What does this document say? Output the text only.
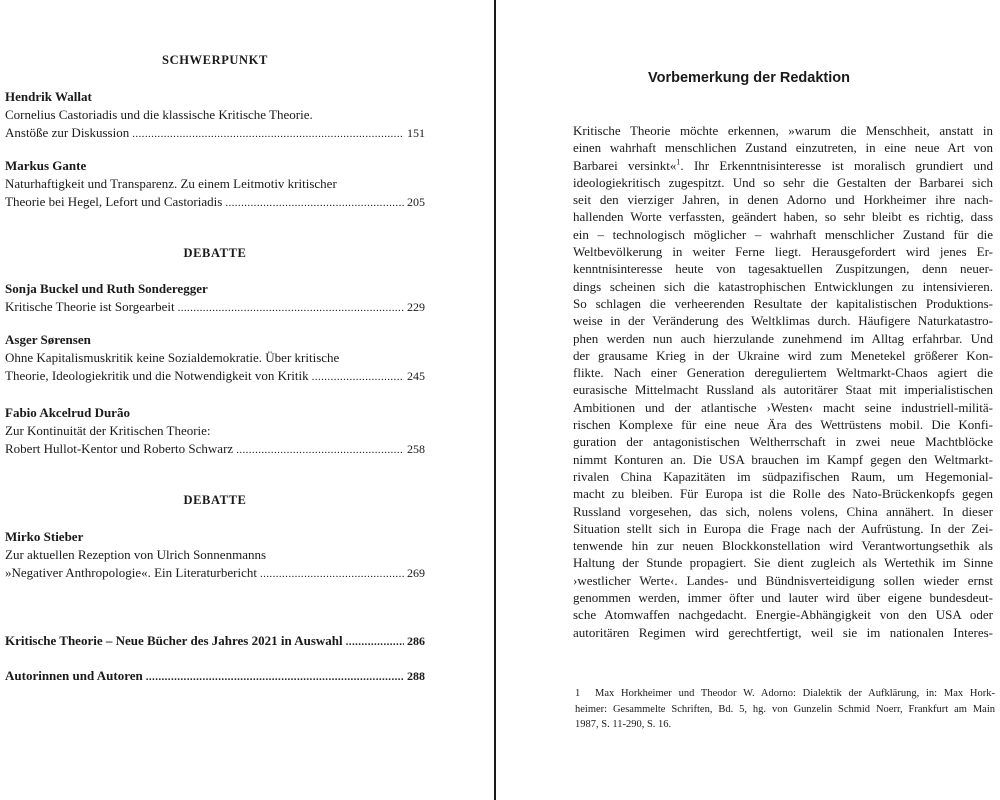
SCHWERPUNKT

Hendrik Wallat

Cornelius Castoriadis und die klassische Kritische Theorie.

Anstöße zur Diskussion .....	151

Markus Gante

Naturhaftigkeit und Transparenz. Zu einem Leitmotiv kritischer

Theorie bei Hegel, Lefort und Castoriadis .....	205

DEBATTE

Sonja Buckel und Ruth Sonderegger

Kritische Theorie ist Sorgearbeit .....	229

Asger Sørensen

Ohne Kapitalismuskritik keine Sozialdemokratie. Über kritische

Theorie, Ideologiekritik und die Notwendigkeit von Kritik .....	245

Fabio Akcelrud Durão

Zur Kontinuität der Kritischen Theorie:

Robert Hullot-Kentor und Roberto Schwarz .....	258

DEBATTE

Mirko Stieber

Zur aktuellen Rezeption von Ulrich Sonnenmanns

»Negativer Anthropologie«. Ein Literaturbericht .....	269

Kritische Theorie – Neue Bücher des Jahres 2021 in Auswahl .....	286

Autorinnen und Autoren .....	288

Vorbemerkung der Redaktion

Kritische Theorie möchte erkennen, »warum die Menschheit, anstatt in

einen wahrhaft menschlichen Zustand einzutreten, in eine neue Art von

Barbarei versinkt«$^1$. Ihr Erkenntnisinteresse ist moralisch grundiert und

ideologiekritisch zugespitzt. Und so sehr die Gestalten der Barbarei sich

seit den vierziger Jahren, in denen Adorno und Horkheimer ihre nach-

hallenden Worte verfassten, geändert haben, so sehr bleibt es richtig, dass

ein – technologisch möglicher – wahrhaft menschlicher Zustand für die

Weltbevölkerung in weiter Ferne liegt. Herausgefordert wird jenes Er-

kenntnisinteresse heute von tagesaktuellen Zuspitzungen, denn neuer-

dings scheinen sich die katastrophischen Entwicklungen zu intensivieren.

So schlagen die verheerenden Resultate der kapitalistischen Produktions-

weise in der Veränderung des Weltklimas durch. Häufigere Naturkatastro-

phen werden nun auch hierzulande zunehmend im Alltag erfahrbar. Und

der grausame Krieg in der Ukraine wird zum Menetekel größerer Kon-

flikte. Nach einer Generation dereguliertem Weltmarkt-Chaos agiert die

eurasische Mittelmacht Russland als autoritärer Staat mit imperialistischen

Ambitionen und der atlantische ›Westen‹ macht seine industriell-militä-

rischen Komplexe für eine neue Ära des Wettrüstens mobil. Die Konfi-

guration der antagonistischen Weltherrschaft in zwei neue Machtblöcke

nimmt Konturen an. Die USA brauchen im Kampf gegen den Weltmarkt-

rivalen China Kapazitäten im südpazifischen Raum, um Hegemonial-

macht zu bleiben. Für Europa ist die Rolle des Nato-Brückenkopfs gegen

Russland vorgesehen, das sich, nolens volens, China annähert. In dieser

Situation stellt sich in Europa die Frage nach der Aufrüstung. In der Zei-

tenwende hin zur neuen Blockkonstellation wird Verantwortungsethik als

Haltung der Stunde propagiert. Sie dient zugleich als Wertethik im Sinne

›westlicher Werte‹. Landes- und Bündnisverteidigung sollen wieder ernst

genommen werden, immer öfter und lauter wird über eigene bundesdeut-

sche Atomwaffen nachgedacht. Energie-Abhängigkeit von den USA oder

autoritären Regimen wird gerechtfertigt, weil sie im nationalen Interes-

1 Max Horkheimer und Theodor W. Adorno: Dialektik der Aufklärung, in: Max Hork-

heimer: Gesammelte Schriften, Bd. 5, hg. von Gunzelin Schmid Noerr, Frankfurt am Main

1987, S. 11-290, S. 16.
